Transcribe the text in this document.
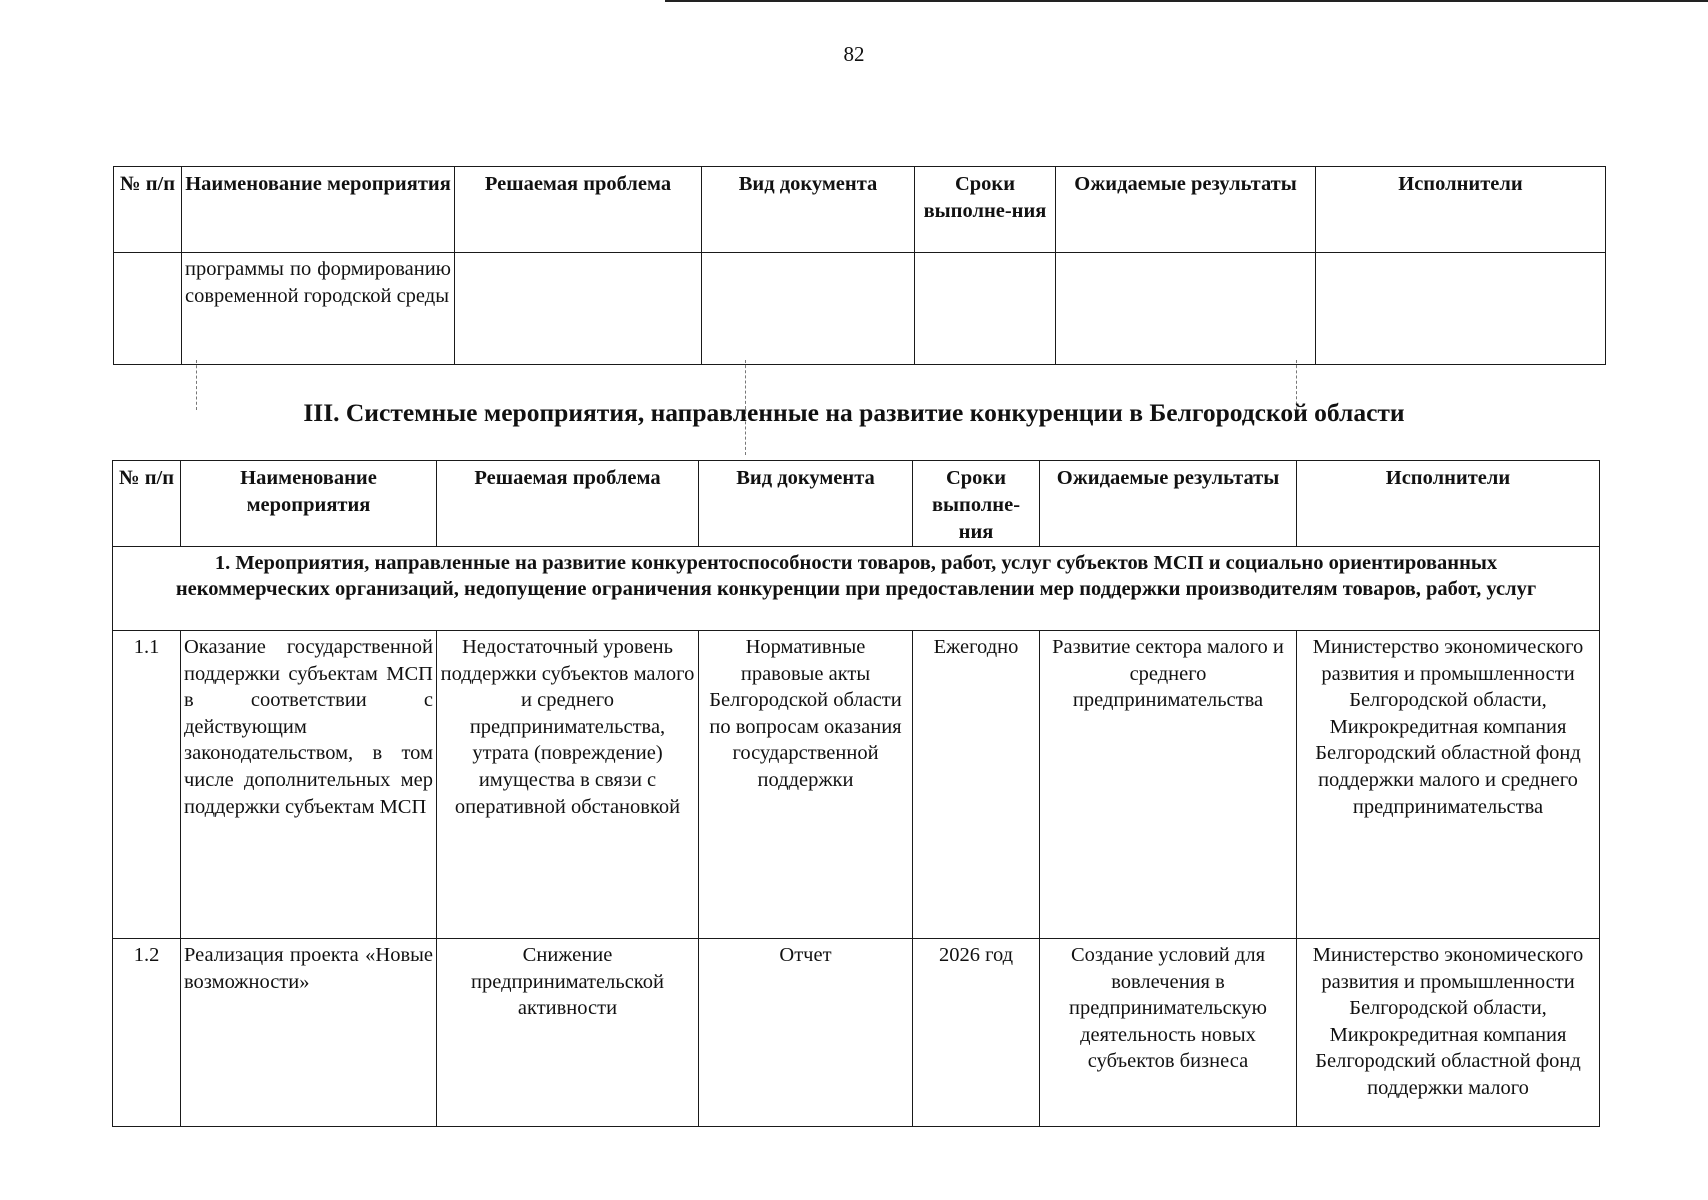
82
№ п/п	Наименование мероприятия	Решаемая проблема	Вид документа	Сроки выполне-ния	Ожидаемые результаты	Исполнители
	программы по формированию современной городской среды					
III. Системные мероприятия, направленные на развитие конкуренции в Белгородской области
№ п/п	Наименование мероприятия	Решаемая проблема	Вид документа	Сроки выполне-ния	Ожидаемые результаты	Исполнители
1. Мероприятия, направленные на развитие конкурентоспособности товаров, работ, услуг субъектов МСП и социально ориентированных некоммерческих организаций, недопущение ограничения конкуренции при предоставлении мер поддержки производителям товаров, работ, услуг						
1.1	Оказание государственной поддержки субъектам МСП в соответствии с действующим законодательством, в том числе дополнительных мер поддержки субъектам МСП	Недостаточный уровень поддержки субъектов малого и среднего предпринимательства, утрата (повреждение) имущества в связи с оперативной обстановкой	Нормативные правовые акты Белгородской области по вопросам оказания государственной поддержки	Ежегодно	Развитие сектора малого и среднего предпринимательства	Министерство экономического развития и промышленности Белгородской области, Микрокредитная компания Белгородский областной фонд поддержки малого и среднего предпринимательства
1.2	Реализация проекта «Новые возможности»	Снижение предпринимательской активности	Отчет	2026 год	Создание условий для вовлечения в предпринимательскую деятельность новых субъектов бизнеса	Министерство экономического развития и промышленности Белгородской области, Микрокредитная компания Белгородский областной фонд поддержки малого
